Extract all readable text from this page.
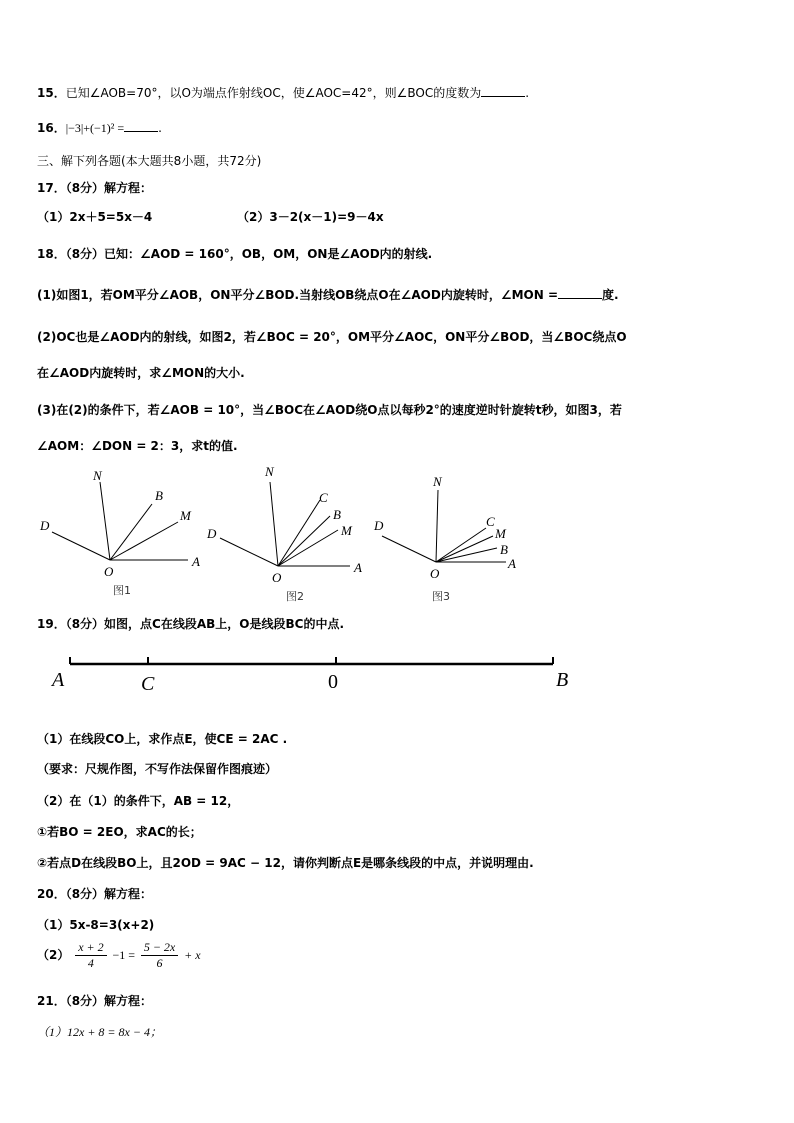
15．已知∠AOB=70°，以O为端点作射线OC，使∠AOC=42°，则∠BOC的度数为	.
16．|−3|+(−1)² =	.
三、解下列各题(本大题共8小题，共72分)
17．（8分）解方程：
（1）2x＋5=5x－4	（2）3－2(x－1)=9－4x
18．（8分）已知：∠AOD = 160°，OB，OM，ON是∠AOD内的射线.
(1)如图1，若OM平分∠AOB，ON平分∠BOD.当射线OB绕点O在∠AOD内旋转时，∠MON =	度.
(2)OC也是∠AOD内的射线，如图2，若∠BOC = 20°，OM平分∠AOC，ON平分∠BOD，当∠BOC绕点O
在∠AOD内旋转时，求∠MON的大小.
(3)在(2)的条件下，若∠AOB = 10°，当∠BOC在∠AOD绕O点以每秒2°的速度逆时针旋转t秒，如图3，若
∠AOM：∠DON = 2：3，求t的值.
N
B
M
D
O
A
图1
N
C
B
M
D
O
A
图2
N
C
M
B
D
O
A
图3
19．（8分）如图，点C在线段AB上，O是线段BC的中点.
A	C	0	B
（1）在线段CO上，求作点E，使CE = 2AC .
（要求：尺规作图，不写作法保留作图痕迹）
（2）在（1）的条件下，AB = 12，
①若BO = 2EO，求AC的长；
②若点D在线段BO上，且2OD = 9AC − 12，请你判断点E是哪条线段的中点，并说明理由.
20．（8分）解方程：
（1）5x-8=3(x+2)
$(2) \frac{x + 2}{4} -1 = \frac{5 - 2x}{6} + x$
21．（8分）解方程：
（1）12x + 8 = 8x − 4；
